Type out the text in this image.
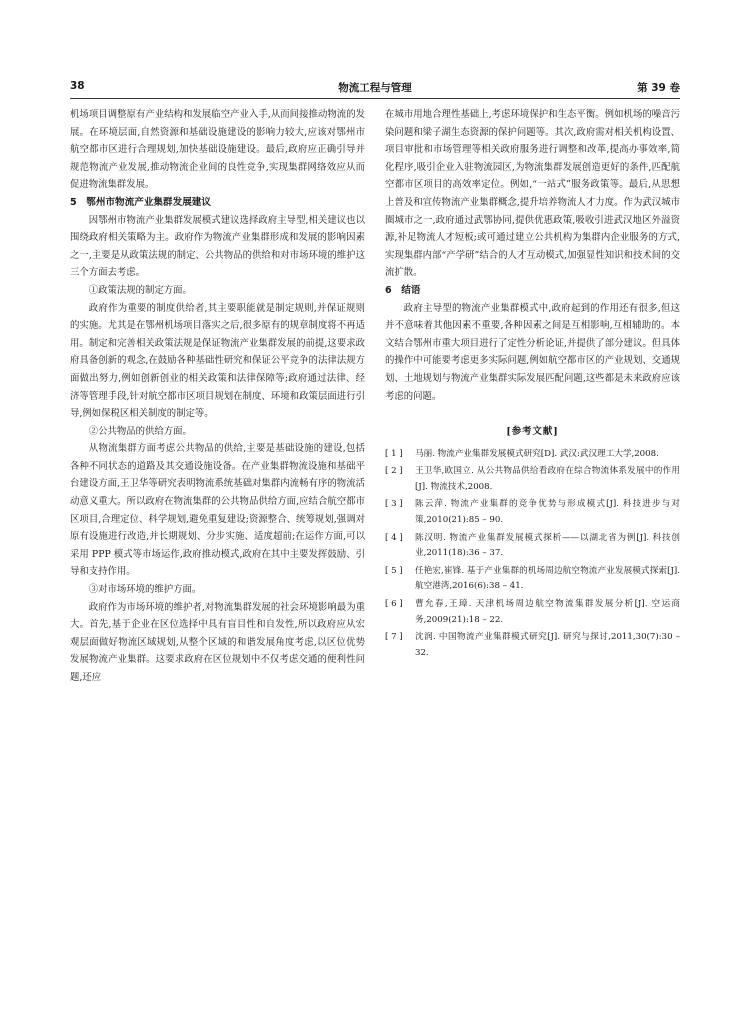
38	物流工程与管理	第 39 卷

机场项目调整原有产业结构和发展临空产业入手,从而间接推动物流的发展。在环境层面,自然资源和基础设施建设的影响力较大,应该对鄂州市航空都市区进行合理规划,加快基础设施建设。最后,政府应正确引导并规范物流产业发展,推动物流企业间的良性竞争,实现集群网络效应从而促进物流集群发展。

5　鄂州市物流产业集群发展建议

因鄂州市物流产业集群发展模式建议选择政府主导型,相关建议也以围绕政府相关策略为主。政府作为物流产业集群形成和发展的影响因素之一,主要是从政策法规的制定、公共物品的供给和对市场环境的维护这三个方面去考虑。

①政策法规的制定方面。

政府作为重要的制度供给者,其主要职能就是制定规则,并保证规则的实施。尤其是在鄂州机场项目落实之后,很多原有的规章制度将不再适用。制定和完善相关政策法规是保证物流产业集群发展的前提,这要求政府具备创新的观念,在鼓励各种基础性研究和保证公平竞争的法律法规方面做出努力,例如创新创业的相关政策和法律保障等;政府通过法律、经济等管理手段,针对航空都市区项目规划在制度、环境和政策层面进行引导,例如保税区相关制度的制定等。

②公共物品的供给方面。

从物流集群方面考虑公共物品的供给,主要是基础设施的建设,包括各种不同状态的道路及其交通设施设备。在产业集群物流设施和基础平台建设方面,王卫华等研究表明物流系统基础对集群内流畅有序的物流活动意义重大。所以政府在物流集群的公共物品供给方面,应结合航空都市区项目,合理定位、科学规划,避免重复建设;资源整合、统筹规划,强调对原有设施进行改造,并长期规划、分步实施、适度超前;在运作方面,可以采用 PPP 模式等市场运作,政府推动模式,政府在其中主要发挥鼓励、引导和支持作用。

③对市场环境的维护方面。

政府作为市场环境的维护者,对物流集群发展的社会环境影响最为重大。首先,基于企业在区位选择中具有盲目性和自发性,所以政府应从宏观层面做好物流区域规划,从整个区域的和谐发展角度考虑,以区位优势发展物流产业集群。这要求政府在区位规划中不仅考虑交通的便利性问题,还应

在城市用地合理性基础上,考虑环境保护和生态平衡。例如机场的噪音污染问题和梁子湖生态资源的保护问题等。其次,政府需对相关机构设置、项目审批和市场管理等相关政府服务进行调整和改革,提高办事效率,简化程序,吸引企业入驻物流园区,为物流集群发展创造更好的条件,匹配航空都市区项目的高效率定位。例如,“一站式”服务政策等。最后,从思想上普及和宣传物流产业集群概念,提升培养物流人才力度。作为武汉城市圈城市之一,政府通过武鄂协同,提供优惠政策,吸收引进武汉地区外溢资源,补足物流人才短板;或可通过建立公共机构为集群内企业服务的方式,实现集群内部“产学研”结合的人才互动模式,加强显性知识和技术间的交流扩散。

6　结语

政府主导型的物流产业集群模式中,政府起到的作用还有很多,但这并不意味着其他因素不重要,各种因素之间是互相影响,互相辅助的。本文结合鄂州市重大项目进行了定性分析论证,并提供了部分建议。但具体的操作中可能要考虑更多实际问题,例如航空都市区的产业规划、交通规划、土地规划与物流产业集群实际发展匹配问题,这些都是未来政府应该考虑的问题。

[参考文献]
[ 1 ] 马丽. 物流产业集群发展模式研究[D]. 武汉:武汉理工大学,2008.
[ 2 ] 王卫华,欧国立. 从公共物品供给看政府在综合物流体系发展中的作用[J]. 物流技术,2008.
[ 3 ] 陈云萍. 物流产业集群的竞争优势与形成模式[J]. 科技进步与对策,2010(21):85 – 90.
[ 4 ] 陈汉明. 物流产业集群发展模式探析——以湖北省为例[J]. 科技创业,2011(18):36 – 37.
[ 5 ] 任艳宏,崔锋. 基于产业集群的机场周边航空物流产业发展模式探索[J]. 航空港湾,2016(6):38 – 41.
[ 6 ] 曹允春,王璋. 天津机场周边航空物流集群发展分析[J]. 空运商务,2009(21):18 – 22.
[ 7 ] 沈润. 中国物流产业集群模式研究[J]. 研究与探讨,2011,30(7):30 – 32.
